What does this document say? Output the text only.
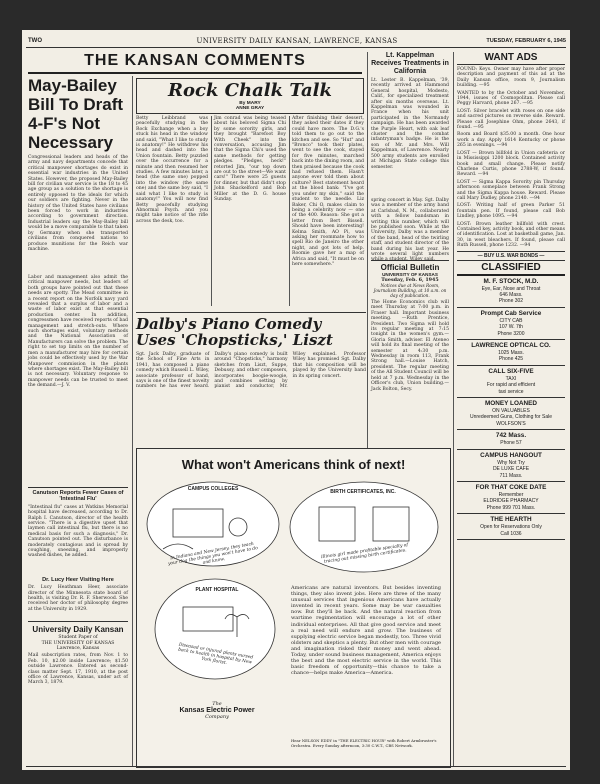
TWO	UNIVERSITY DAILY KANSAN, LAWRENCE, KANSAS	TUESDAY, FEBRUARY 6, 1945
THE KANSAN COMMENTS
May-Bailey Bill To Draft 4-F's Not Necessary
Congressional leaders and heads of the army and navy departments concede that critical manpower shortages do exist in essential war industries in the United States. However, the proposed May-Bailey bill for civilian war service is the 18 to 45 age group as a solution to the shortage is entirely opposed to the ideals for which our soldiers are fighting. Never in the history of the United States have civilians been forced to work in industries according to government direction. Industrial leaders say the May-Bailey bill would be a move comparable to that taken by Germany when she transported civilians from conquered nations to produce munitions for the Reich war machine.
Labor and management also admit the critical manpower needs, but leaders of both groups have pointed out that these needs are spotty. The Mead committee in a recent report on the Norfolk navy yard revealed that a surplus of labor and a waste of labor exist at that essential production center. In addition, congressmen have received reports of bad management and stretch-outs. Where such shortages exist, voluntary methods and the National Association of Manufacturers can solve the problem. The right to set top limits on the number of men a manufacturer may hire for certain jobs could be effectively used by the War Manpower commission in the plants where shortages exist. The May-Bailey bill is not necessary. Voluntary response to manpower needs can be trusted to meet the demand.—J. V.
Canutson Reports Fewer Cases of 'Intestinal Flu'
"Intestinal flu" cases at Watkins Memorial hospital have decreased, according to Dr. Ralph I. Canutson, director of the health service. "There is a digestive upset that laymen call intestinal flu, but there is no medical basis for such a diagnosis," Dr. Canutson pointed out. The disturbance is moderately contagious and is spread by coughing, sneezing, and improperly washed dishes, he added.
Dr. Lucy Heer Visiting Here
Dr. Lucy Heathman Heer, associate director of the Minnesota state board of health, is visiting Dr. R. F. Sherwood. She received her doctor of philosophy degree at the University in 1929.
University Daily Kansan
Student Paper of
THE UNIVERSITY OF KANSAS
Lawrence, Kansas
Mail subscription rates, from Nov. 1 to Feb. 10, $2.00 inside Lawrence; $1.50 outside Lawrence. Entered as second-class matter Sept. 17, 1910, at the post office of Lawrence, Kansas, under act of March 3, 1879.
Rock Chalk Talk
By MARY
ANNE GRAY
Betty Leibbrand was peacefully studying in the Rock Exchange when a boy stuck his head in the window and said, "What I like to study is anatomy!" He withdrew his head and dashed into the Union fountain. Betty puzzled over the occurrence for a minute and then resumed her studies. A few minutes later, a head (the same one) popped into the window (the same one) and the same boy said, "I said what I like to study is anatomy!" You will now find Betty peacefully studying Abnormal Psych. and you might take notice of the rifle across the desk, too.
Jim conrad was being teased about his beloved Sigma Chi by some sorority girls, and they brought "Barefoot Boy With Cheek" into the conversation, accusing Jim that the Sigma Chi's used the same methods for getting pledges. "Pledges, heck!" retorted Jim, "our top down are out to the street—We want cars!" There were 25 guests for dinner, but that didn't stop John Shackelford and Bob Miller at the D. G. house Sunday.
After finishing their dessert, they asked their dates if they could have more. The D.G.'s told them to go out to the kitchen and see. So "Hut" and "Bronco" took their plates, went to see the cook, stayed for five minutes, marched back into the dining room, and then praised because the cook had refused them. Hasn't anyone ever told them about culture? Best statement heard at the blood bank: "I've got you under my skin," said the student to the needle. Liz Baker, Chi O, makes claim to being a celebrity now — one of the 400. Reason: She got a letter from Bert Bissell. Should have been interesting! Kelma Smith, AO Pi, was asking her roommate how to spell Rio de Janeiro the other night, and got lots of help. Roomie gave her a map of Africa and said, "It must be on here somewhere."
Lt. Kappelman Receives Treatments in California
Lt. Lester B. Kappelman, '39, recently arrived at Hammond General hospital, Modesto, Calif., for specialized treatment after six months overseas. Lt. Kappelman was wounded in France when his unit participated in the Normandy campaign. He has been awarded the Purple Heart, with oak leaf cluster and the combat infantryman's badge. He is the son of Mr. and Mrs. Will Kappelman, of Lawrence. Nearly 500 army students are enrolled at Michigan State college this semester.
spring concert in May. Sgt. Dalby was a member of the army band at Carlsbad, N. M., collaborated with a fellow bandsman in writing this number, which will be published soon. While at the University, Dalby was a member of the band, head of the twirling staff, and student director of the band during his last year. He wrote several light numbers
Official Bulletin
UNIVERSITY OF KANSAS
Tuesday, Feb. 6, 1945
Notices due at News Room, Journalism Building, at 10 a.m. on day of publication.
The Home Economics club will meet Thursday at 7:00 p.m. in Fraser hall. Important business meeting. —Ruth Prentice, President. Two Sigma will hold its regular meeting at 7:15 tonight in the women's gym.—Gloria Smith, adviser. El Ateneo will hold its final meeting of the semester at 4:30 p.m. Wednesday in room 113, Frank Strong hall.—Louise Hatch, president. The regular meeting of the All Student Council will be held at 7 p.m. Wednesday in the Officer's club, Union building.—Jack Bolton, Secy.
Dalby's Piano Comedy Uses 'Chopsticks,' Liszt
Sgt. Jack Dalby, graduate of the School of Fine Arts in 1941, has composed a piano comedy which Russell L. Wiley, associate professor of band, says is one of the finest novelty numbers he has ever heard. Dalby's piano comedy is built around "Chopsticks," harmony sketches from Liszt, Suppe, Debussy, and other composers, incorporates boogie-woogie, and combines setting by pianist and conductor, Mr. Wiley explained. Professor Wiley has promised Sgt. Dalby that his composition will be played by the University band in its spring concert.
What won't Americans think of next!
CAMPUS COLLEGES
In Indiana and New Jersey, they teach your dog the things you won't have to do and know.
BIRTH CERTIFICATES, INC.
Illinois girl made profitable specialty of tracing out missing birth certificates.
PLANT HOSPITAL
Diseased or injured plants nursed back to health in hospital by New York florist.
Americans are natural inventors. But besides inventing things, they also invent jobs. Here are three of the many unusual services that ingenious Americans have actually invented in recent years. Some may be war casualties now. But they'll be back. And the natural reaction from wartime regimentation will encourage a lot of other individual enterprises. All that give good service and meet a real need will endure and grow. The business of supplying electric service began modestly, too. Three vivid oldsters and skeptics a plenty. But other men with courage and imagination risked their money and went ahead. Today, under sound business management, America enjoys the best and the most electric service in the world. This basic freedom of opportunity—this chance to take a chance—helps make America—America.
Hear NELSON EDDY in "THE ELECTRIC HOUR" with Robert Armbruster's Orchestra. Every Sunday afternoon, 3:30 C.W.T., CBS Network.
The
Kansas Electric Power
Company
WANT ADS
FOUND: Keys. Owner may have after proper description and payment of this ad at the Daily Kansan office, room 9, Journalism building. —95
WANTED to by the October and November, 1944, issues of Cosmopolitan. Please call Peggy Harvard, phone 267. —95
LOST: Silver bracelet with roses on one side and sacred pictures on reverse side. Reward. Please call Josephine Ohm, phone 2643, if found. —95
Room and Board $35.00 a month. One hour work a day. Apply 1614 Kentucky or phone 265 in evenings. —94
LOST — Brown billfold in Union cafeteria or in Mississippi 1200 block. Contained activity book and small change. Please notify Charlene Curtis, phone 2788-W, if found. Reward. —94
LOST — Sigma Kappa Sorority pin Thursday afternoon someplace between Frank Strong and the Sigma Kappa house. Reward. Please call Mary Dudley, phone 2140. —94
LOST: Writing half of green Parker 51 fountain pen. If found, please call Bob Lindley, phone 1095. —94
LOST: Brown leather billfold with crest. Contained key, activity book, and other means of identification. Lost at basketball game, Jan. 30, in west bleachers. If found, please call Ruth Russell, phone 1232. —94
— BUY U.S. WAR BONDS —
CLASSIFIED
M. F. STOCK, M.D.
Eye, Ear, Nose and Throat
646 Mass.
Phone 302
Prompt Cab Service
CITY CAB
107 W. 7th
Phone 3200
LAWRENCE OPTICAL CO.
1025 Mass.
Phone 425
CALL SIX-FIVE
TAXI
For rapid and efficient
taxi service
MONEY LOANED
ON VALUABLES
Unredeemed Guns, Clothing for Sale
WOLFSON'S
742 Mass.
Phone 57
CAMPUS HANGOUT
Why Not Try
DE LUXE CAFE
711 Mass.
FOR THAT COKE DATE
Remember
ELDRIDGE PHARMACY
Phone 999 701 Mass.
THE HEARTH
Open for Reservations Only
Call 1036
